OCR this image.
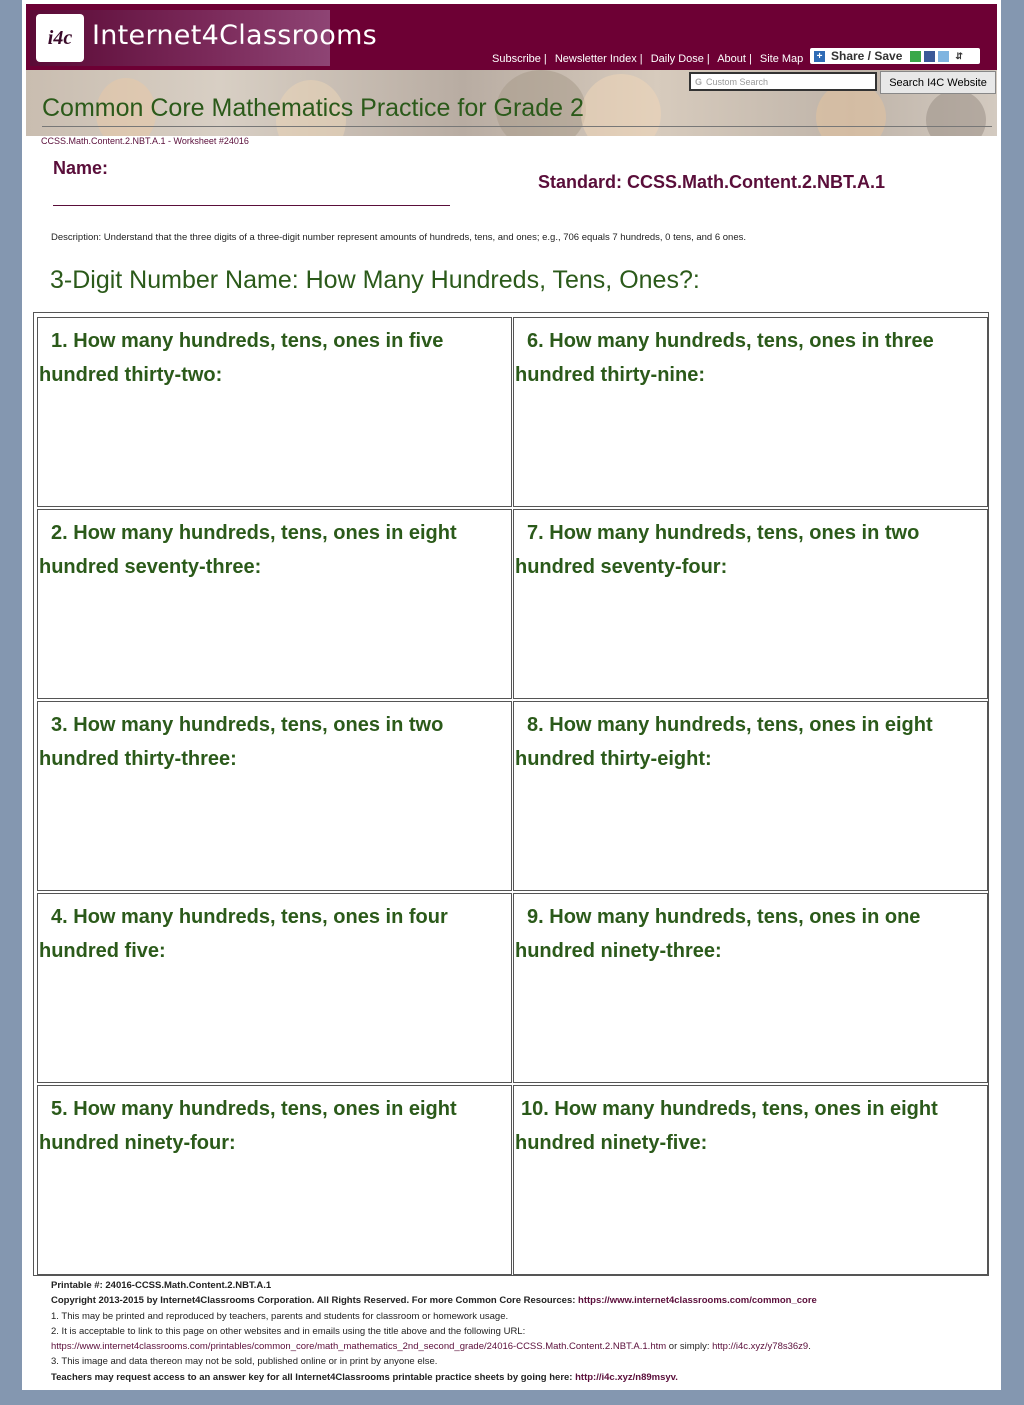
i4c Internet4Classrooms
Subscribe | Newsletter Index | Daily Dose | About | Site Map + Share / Save	⇵
G Custom Search	Search I4C Website
Common Core Mathematics Practice for Grade 2
CCSS.Math.Content.2.NBT.A.1 - Worksheet #24016
Name:
Standard: CCSS.Math.Content.2.NBT.A.1
Description: Understand that the three digits of a three-digit number represent amounts of hundreds, tens, and ones; e.g., 706 equals 7 hundreds, 0 tens, and 6 ones.
3-Digit Number Name: How Many Hundreds, Tens, Ones?:
1. How many hundreds, tens, ones in five
hundred thirty-two:
6. How many hundreds, tens, ones in three
hundred thirty-nine:
2. How many hundreds, tens, ones in eight
hundred seventy-three:
7. How many hundreds, tens, ones in two
hundred seventy-four:
3. How many hundreds, tens, ones in two
hundred thirty-three:
8. How many hundreds, tens, ones in eight
hundred thirty-eight:
4. How many hundreds, tens, ones in four
hundred five:
9. How many hundreds, tens, ones in one
hundred ninety-three:
5. How many hundreds, tens, ones in eight
hundred ninety-four:
10. How many hundreds, tens, ones in eight
hundred ninety-five:
Printable #: 24016-CCSS.Math.Content.2.NBT.A.1
Copyright 2013-2015 by Internet4Classrooms Corporation. All Rights Reserved. For more Common Core Resources: https://www.internet4classrooms.com/common_core
1. This may be printed and reproduced by teachers, parents and students for classroom or homework usage.
2. It is acceptable to link to this page on other websites and in emails using the title above and the following URL:
https://www.internet4classrooms.com/printables/common_core/math_mathematics_2nd_second_grade/24016-CCSS.Math.Content.2.NBT.A.1.htm or simply: http://i4c.xyz/y78s36z9.
3. This image and data thereon may not be sold, published online or in print by anyone else.
Teachers may request access to an answer key for all Internet4Classrooms printable practice sheets by going here: http://i4c.xyz/n89msyv.
